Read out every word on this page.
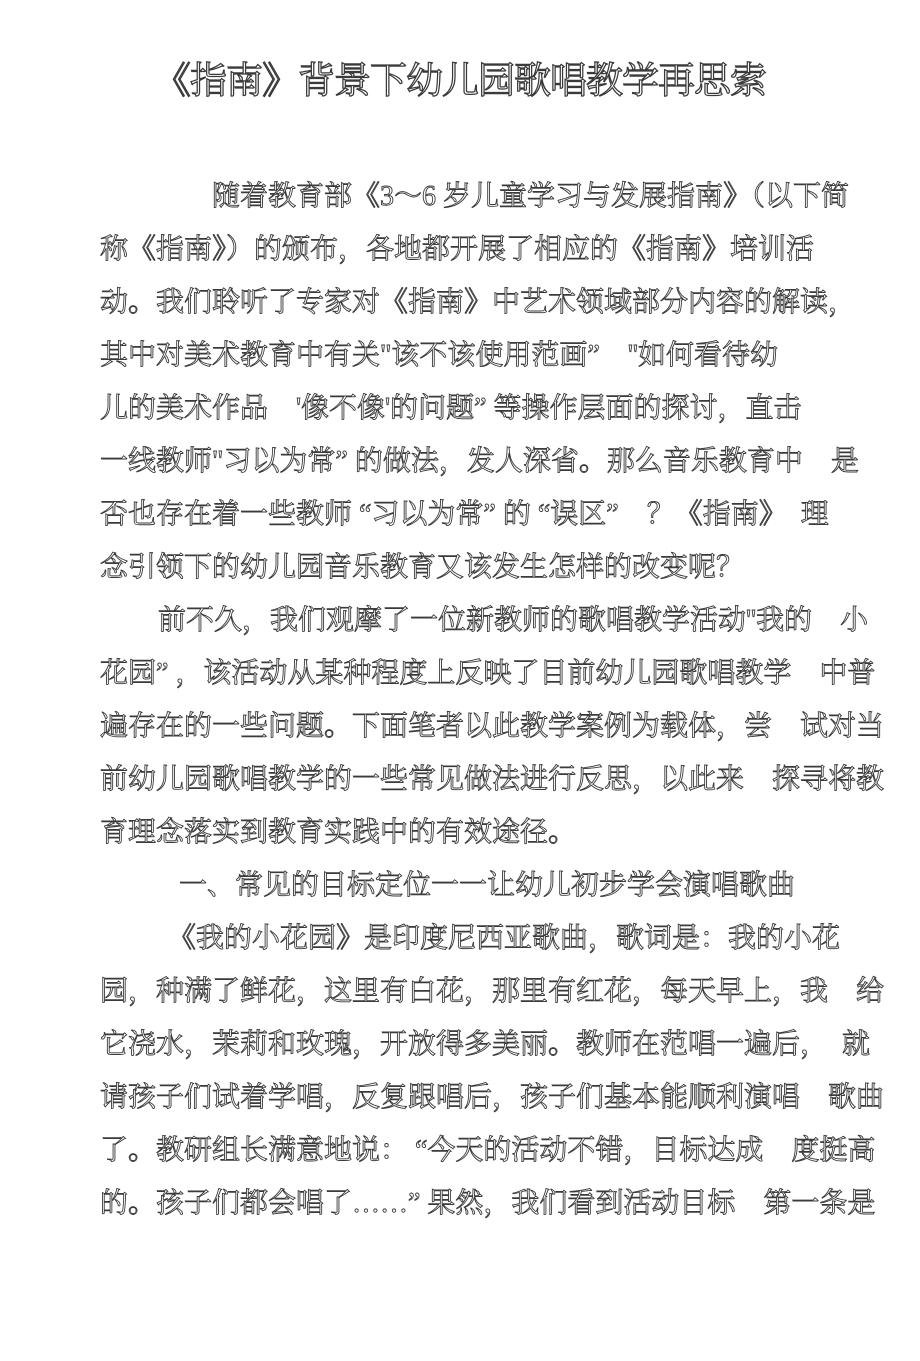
《指南》背景下幼儿园歌唱教学再思索
随着教育部《3～6 岁儿童学习与发展指南》（以下简
称《指南》）的颁布，各地都开展了相应的《指南》培训活
动。我们聆听了专家对《指南》中艺术领域部分内容的解读，
其中对美术教育中有关"该不该使用范画”　''如何看待幼
儿的美术作品　'像不像'的问题” 等操作层面的探讨，直击
一线教师"习以为常” 的做法，发人深省。那么音乐教育中　是
否也存在着一些教师 “习以为常” 的 “误区”　？《指南》　理
念引领下的幼儿园音乐教育又该发生怎样的改变呢？
前不久，我们观摩了一位新教师的歌唱教学活动''我的　小
花园” ，该活动从某种程度上反映了目前幼儿园歌唱教学　中普
遍存在的一些问题。下面笔者以此教学案例为载体，尝　试对当
前幼儿园歌唱教学的一些常见做法进行反思，以此来　探寻将教
育理念落实到教育实践中的有效途径。
一、常见的目标定位一一让幼儿初步学会演唱歌曲
《我的小花园》是印度尼西亚歌曲，歌词是：我的小花
园，种满了鲜花，这里有白花，那里有红花，每天早上，我　给
它浇水，茉莉和玫瑰，开放得多美丽。教师在范唱一遍后，　就
请孩子们试着学唱，反复跟唱后，孩子们基本能顺利演唱　歌曲
了。教研组长满意地说： “今天的活动不错，目标达成　度挺高
的。孩子们都会唱了……” 果然，我们看到活动目标　第一条是
